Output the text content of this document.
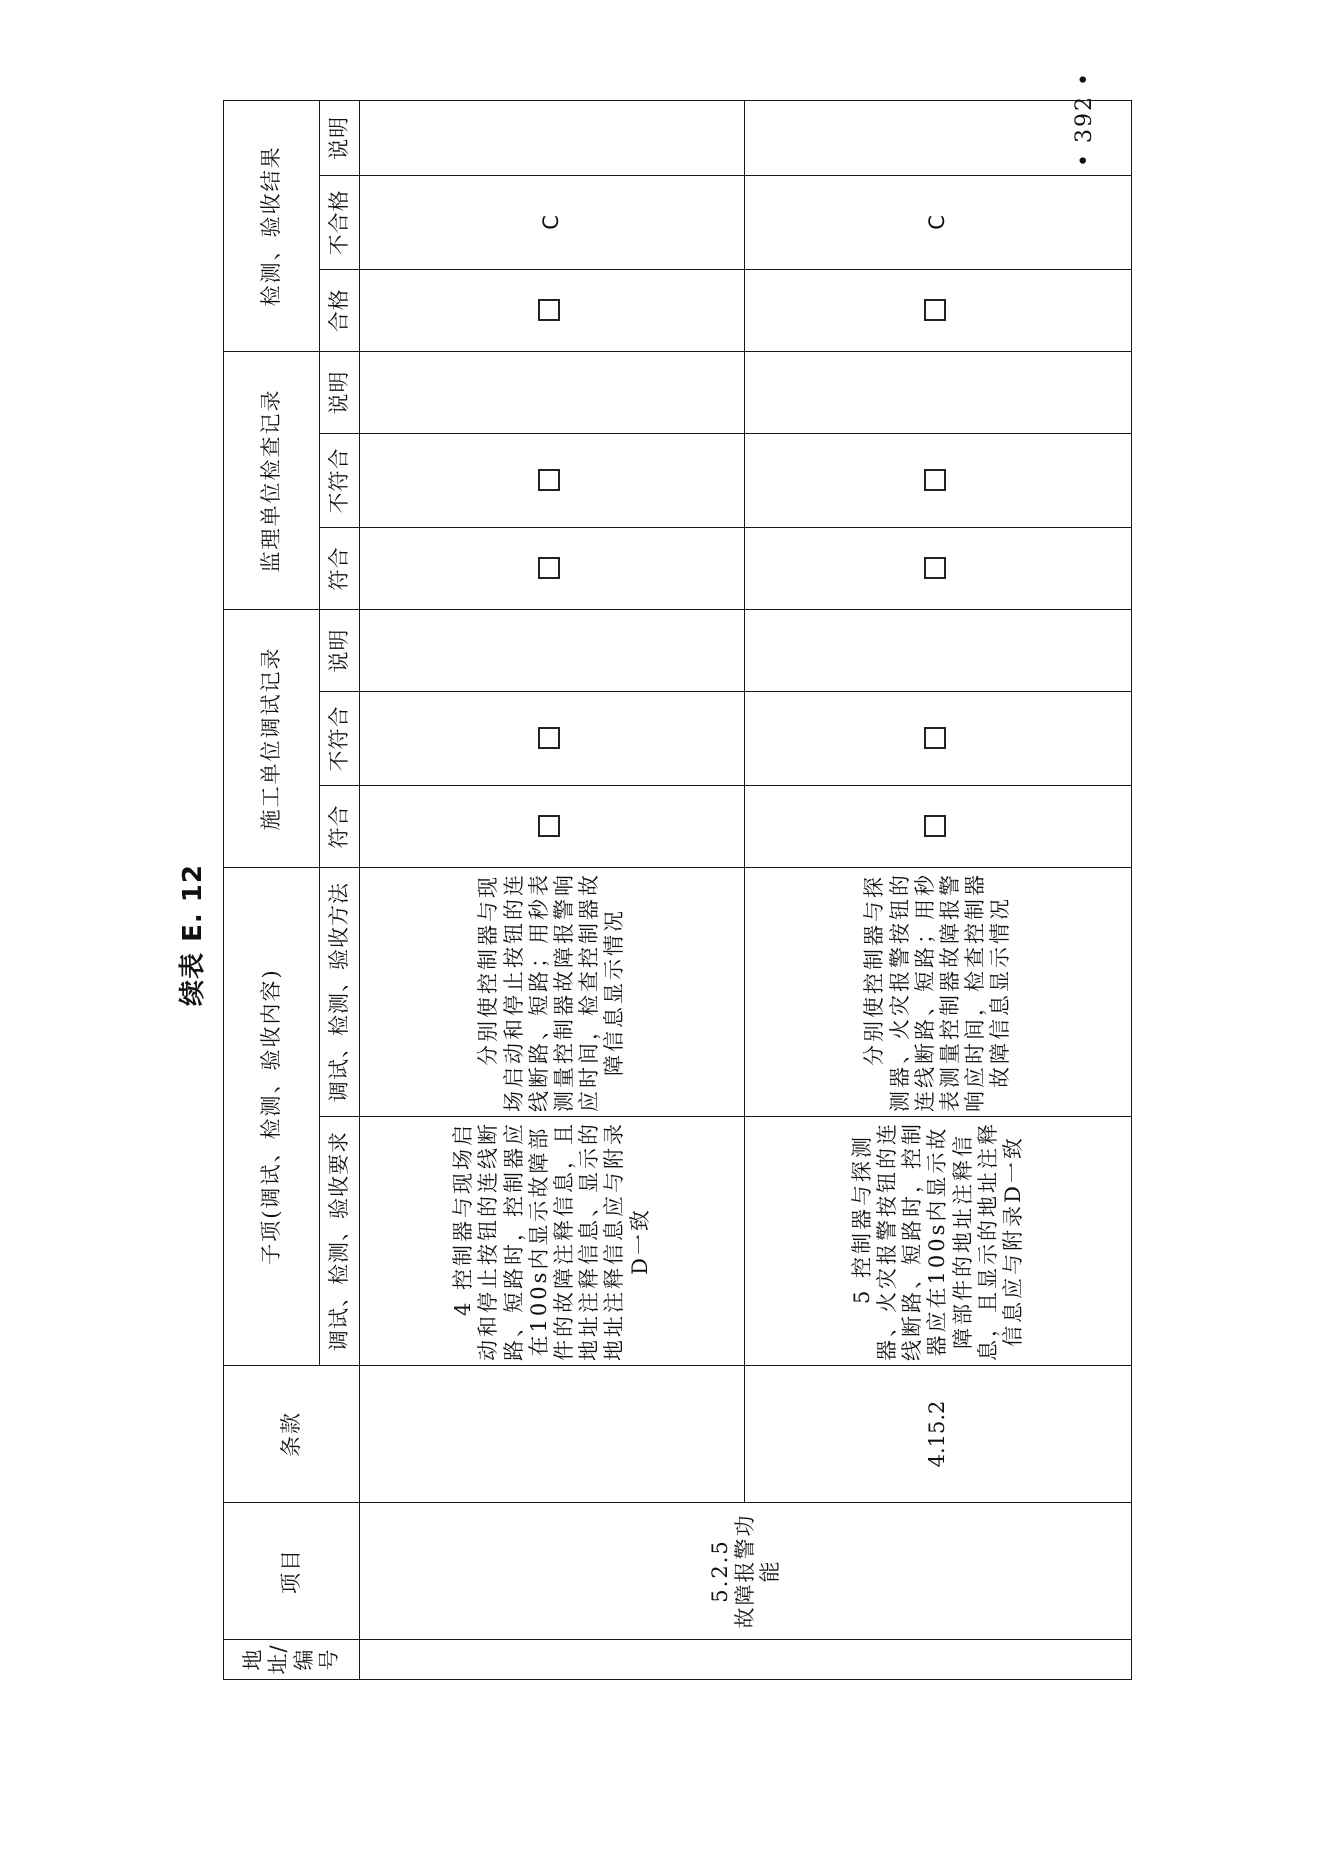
续表 E. 12
地址/编号	项目	条款	子项(调试、检测、验收内容)		施工单位调试记录			监理单位检查记录			检测、验收结果		
			调试、检测、验收要求	调试、检测、验收方法	符合	不符合	说明	符合	不符合	说明	合格	不合格	说明

	5.2.5 故障报警功能		4 控制器与现场启动和停止按钮的连线断路、短路时，控制器应在100s内显示故障部件的故障注释信息，且地址注释信息、显示的地址注释信息应与附录D一致	分别使控制器与现场启动和停止按钮的连线断路、短路；用秒表测量控制器故障报警响应时间，检查控制器故障信息显示情况								C	
		4.15.2	5 控制器与探测器、火灾报警按钮的连线断路、短路时，控制器应在100s内显示故障部件的地址注释信息，且显示的地址注释信息应与附录D一致	分别使控制器与探测器、火灾报警按钮的连线断路、短路；用秒表测量控制器故障报警响应时间，检查控制器故障信息显示情况								C	
• 392 •
